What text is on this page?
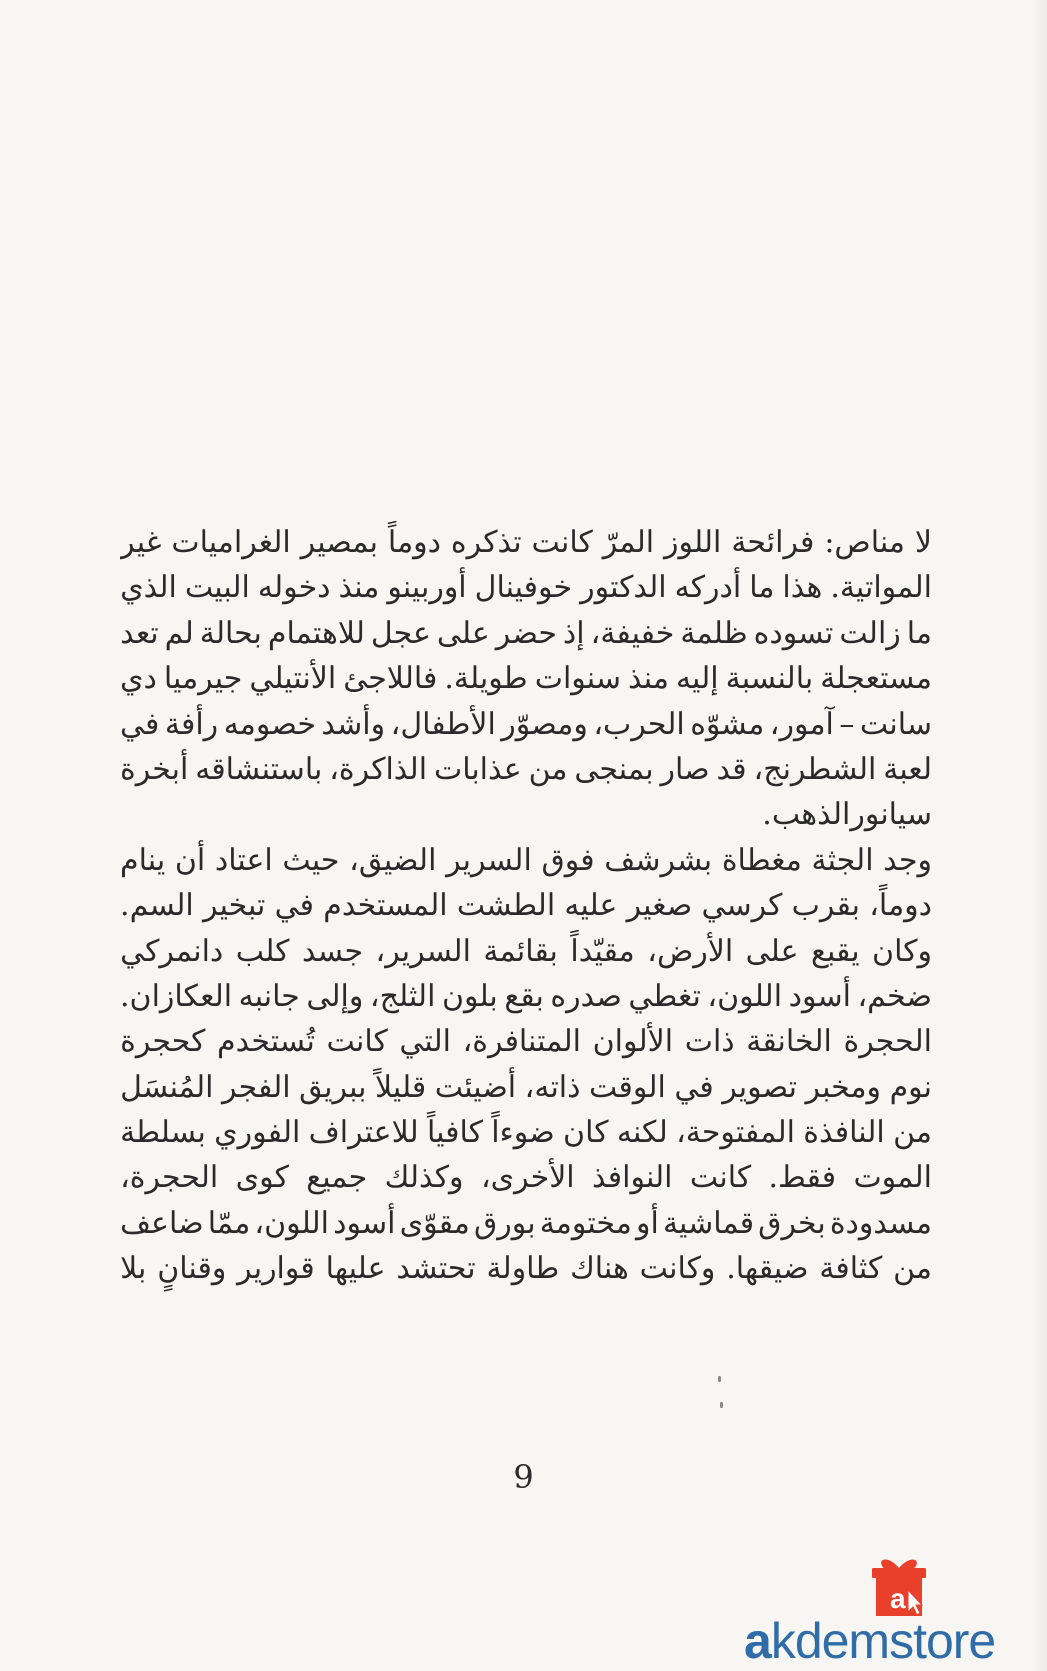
لا
مناص:
فرائحة
اللوز
المرّ
كانت
تذكره
دوماً
بمصير
الغراميات
غير
المواتية.
هذا
ما
أدركه
الدكتور
خوفينال
أوربينو
منذ
دخوله
البيت
الذي
ما
زالت
تسوده
ظلمة
خفيفة،
إذ
حضر
على
عجل
للاهتمام
بحالة
لم
تعد
مستعجلة
بالنسبة
إليه
منذ
سنوات
طويلة.
فاللاجئ
الأنتيلي
جيرميا
دي
سانت
–
آمور،
مشوّه
الحرب،
ومصوّر
الأطفال،
وأشد
خصومه
رأفة
في
لعبة
الشطرنج،
قد
صار
بمنجى
من
عذابات
الذاكرة،
باستنشاقه
أبخرة
سيانور
الذهب.
وجد
الجثة
مغطاة
بشرشف
فوق
السرير
الضيق،
حيث
اعتاد
أن
ينام
دوماً،
بقرب
كرسي
صغير
عليه
الطشت
المستخدم
في
تبخير
السم.
وكان
يقبع
على
الأرض،
مقيّداً
بقائمة
السرير،
جسد
كلب
دانمركي
ضخم،
أسود
اللون،
تغطي
صدره
بقع
بلون
الثلج،
وإلى
جانبه
العكازان.
الحجرة
الخانقة
ذات
الألوان
المتنافرة،
التي
كانت
تُستخدم
كحجرة
نوم
ومخبر
تصوير
في
الوقت
ذاته،
أضيئت
قليلاً
ببريق
الفجر
المُنسَل
من
النافذة
المفتوحة،
لكنه
كان
ضوءاً
كافياً
للاعتراف
الفوري
بسلطة
الموت
فقط.
كانت
النوافذ
الأخرى،
وكذلك
جميع
كوى
الحجرة،
مسدودة
بخرق
قماشية
أو
مختومة
بورق
مقوّى
أسود
اللون،
ممّا
ضاعف
من
كثافة
ضيقها.
وكانت
هناك
طاولة
تحتشد
عليها
قوارير
وقنانٍ
بلا
9
a
akdemstore
